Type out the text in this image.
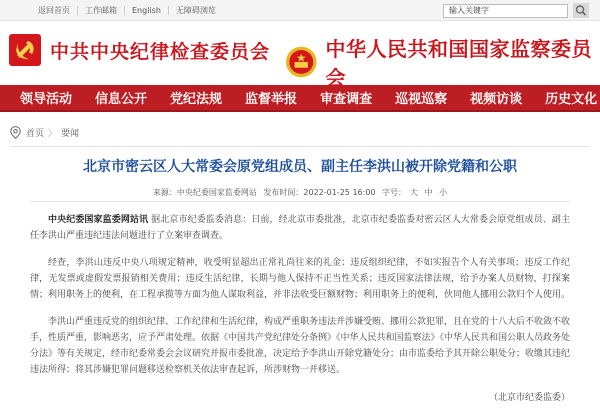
返回首页	工作邮箱	English	无障碍浏览	输入关键字
中共中央纪律检查委员会	中华人民共和国国家监察委员会
领导活动 信息公开 党纪法规 监督举报 审查调查 巡视巡察 视频访谈 历史文化
首页 〉 要闻
北京市密云区人大常委会原党组成员、副主任李洪山被开除党籍和公职
来源：中央纪委国家监委网站 发布时间：2022-01-25 16:00 字号： 大 中 小

中央纪委国家监委网站讯 据北京市纪委监委消息：日前，经北京市委批准，北京市纪委监委对密云区人大常委会原党组成员、副主任李洪山严重违纪违法问题进行了立案审查调查。

经查，李洪山违反中央八项规定精神，收受明显超出正常礼尚往来的礼金；违反组织纪律，不如实报告个人有关事项；违反工作纪律，无发票或虚假发票报销相关费用；违反生活纪律，长期与他人保持不正当性关系；违反国家法律法规，给予办案人员财物，打探案情；利用职务上的便利，在工程承揽等方面为他人谋取利益，并非法收受巨额财物；利用职务上的便利，伙同他人挪用公款归个人使用。

李洪山严重违反党的组织纪律、工作纪律和生活纪律，构成严重职务违法并涉嫌受贿、挪用公款犯罪，且在党的十八大后不收敛不收手，性质严重，影响恶劣，应予严肃处理。依据《中国共产党纪律处分条例》《中华人民共和国监察法》《中华人民共和国公职人员政务处分法》等有关规定，经市纪委常委会会议研究并报市委批准，决定给予李洪山开除党籍处分；由市监委给予其开除公职处分；收缴其违纪违法所得；将其涉嫌犯罪问题移送检察机关依法审查起诉，所涉财物一并移送。

（北京市纪委监委）
